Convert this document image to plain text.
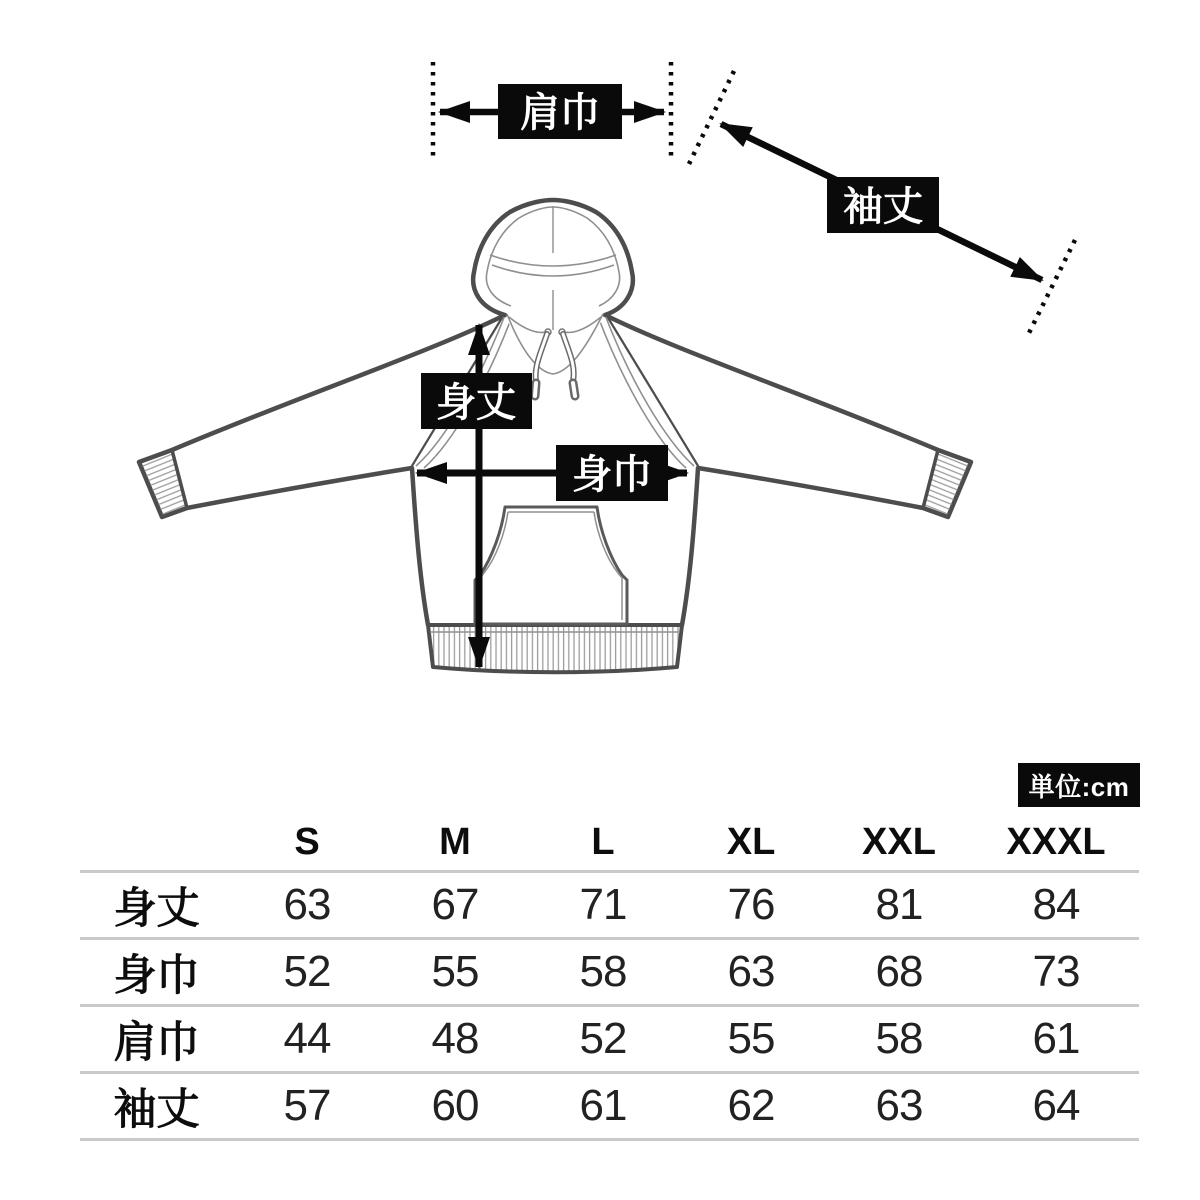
肩巾
袖丈
身丈
身巾
単位:cm
S	M	L	XL	XXL	XXXL
身丈	63	67	71	76	81	84
身巾	52	55	58	63	68	73
肩巾	44	48	52	55	58	61
袖丈	57	60	61	62	63	64
